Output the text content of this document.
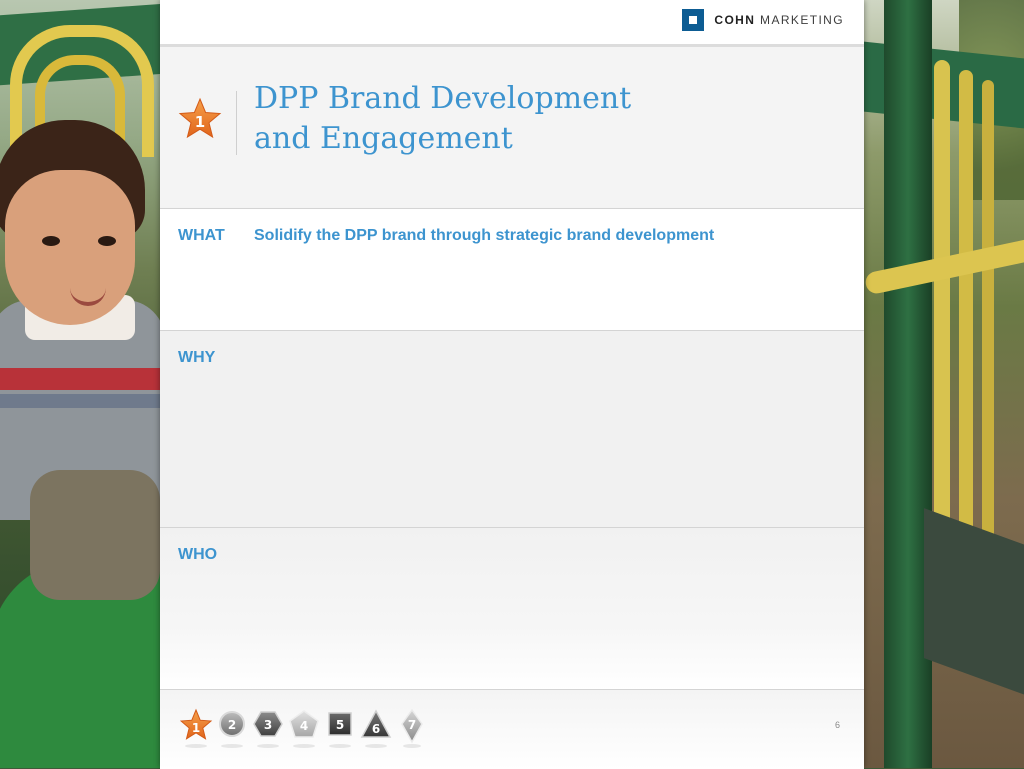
COHN MARKETING
1
DPP Brand Development
and Engagement
WHAT Solidify the DPP brand through strategic brand development
WHY
WHO
1 2 3 4 5 6 7	6
